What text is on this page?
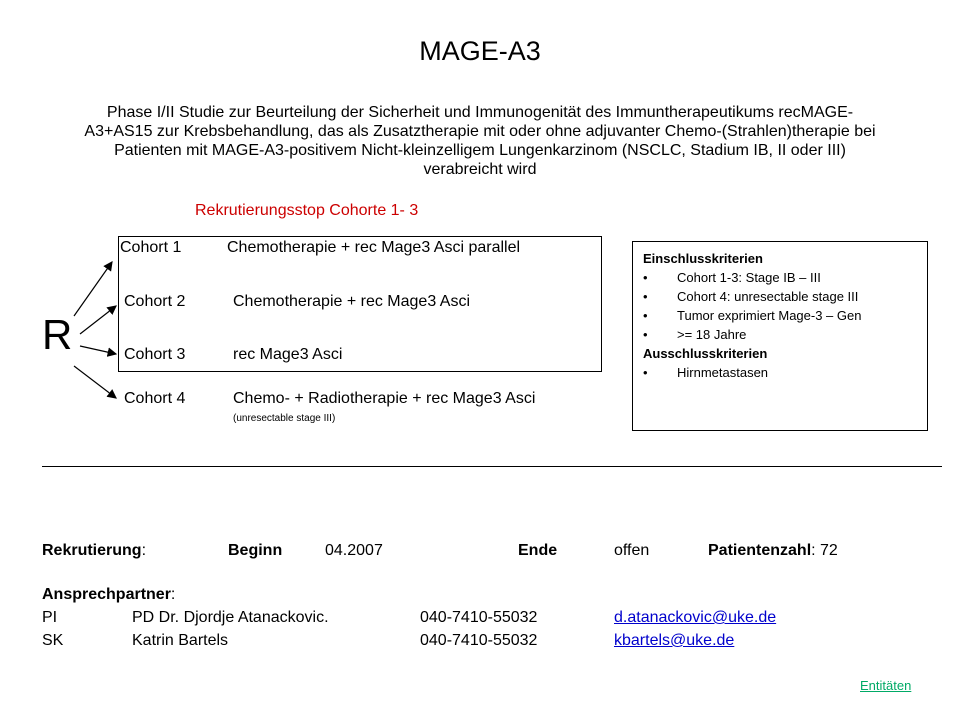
MAGE-A3
Phase I/II Studie zur Beurteilung der Sicherheit und Immunogenität des Immuntherapeutikums recMAGE-A3+AS15 zur Krebsbehandlung, das als Zusatztherapie mit oder ohne adjuvanter Chemo-(Strahlen)therapie bei Patienten mit MAGE-A3-positivem Nicht-kleinzelligem Lungenkarzinom (NSCLC, Stadium IB, II oder III) verabreicht wird
Rekrutierungsstop Cohorte 1- 3
R
Cohort 1	Chemotherapie + rec Mage3 Asci parallel
Cohort 2	Chemotherapie + rec Mage3 Asci
Cohort 3	rec Mage3 Asci
Cohort 4	Chemo- + Radiotherapie + rec Mage3 Asci
(unresectable stage III)
Einschlusskriterien
• Cohort 1-3: Stage IB – III
• Cohort 4: unresectable stage III
• Tumor exprimiert Mage-3 – Gen
• >= 18 Jahre
Ausschlusskriterien
• Hirnmetastasen
Rekrutierung:	Beginn	04.2007	Ende	offen	Patientenzahl: 72
Ansprechpartner:
PI	PD Dr. Djordje Atanackovic.	040-7410-55032	d.atanackovic@uke.de
SK	Katrin Bartels	040-7410-55032	kbartels@uke.de
Entitäten
